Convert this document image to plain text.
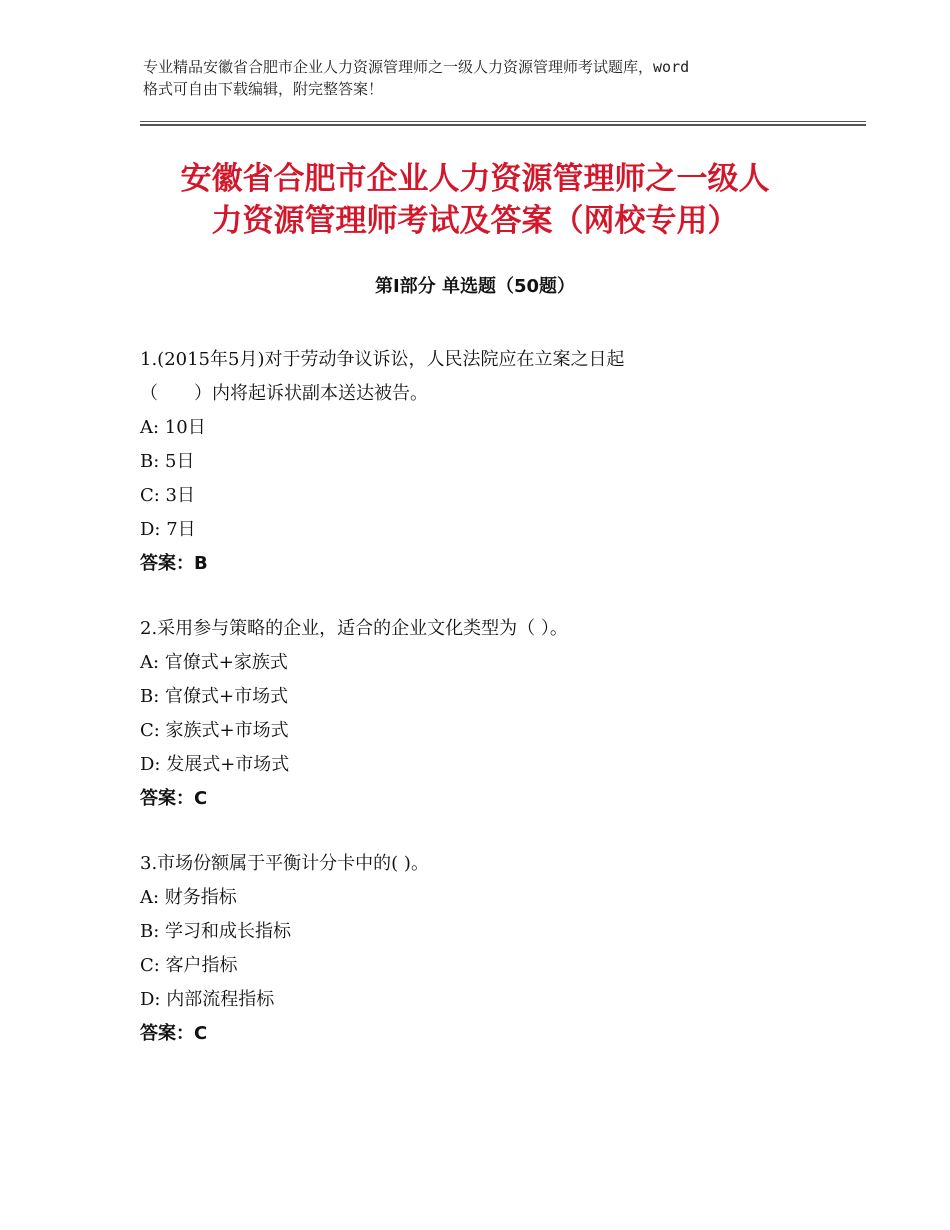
专业精品安徽省合肥市企业人力资源管理师之一级人力资源管理师考试题库，word
格式可自由下载编辑，附完整答案！
安徽省合肥市企业人力资源管理师之一级人
力资源管理师考试及答案（网校专用）
第Ⅰ部分 单选题（50题）
1.(2015年5月)对于劳动争议诉讼，人民法院应在立案之日起
（　　）内将起诉状副本送达被告。
A: 10日
B: 5日
C: 3日
D: 7日
答案：B
2.采用参与策略的企业，适合的企业文化类型为（ ）。
A: 官僚式+家族式
B: 官僚式+市场式
C: 家族式+市场式
D: 发展式+市场式
答案：C
3.市场份额属于平衡计分卡中的( )。
A: 财务指标
B: 学习和成长指标
C: 客户指标
D: 内部流程指标
答案：C
